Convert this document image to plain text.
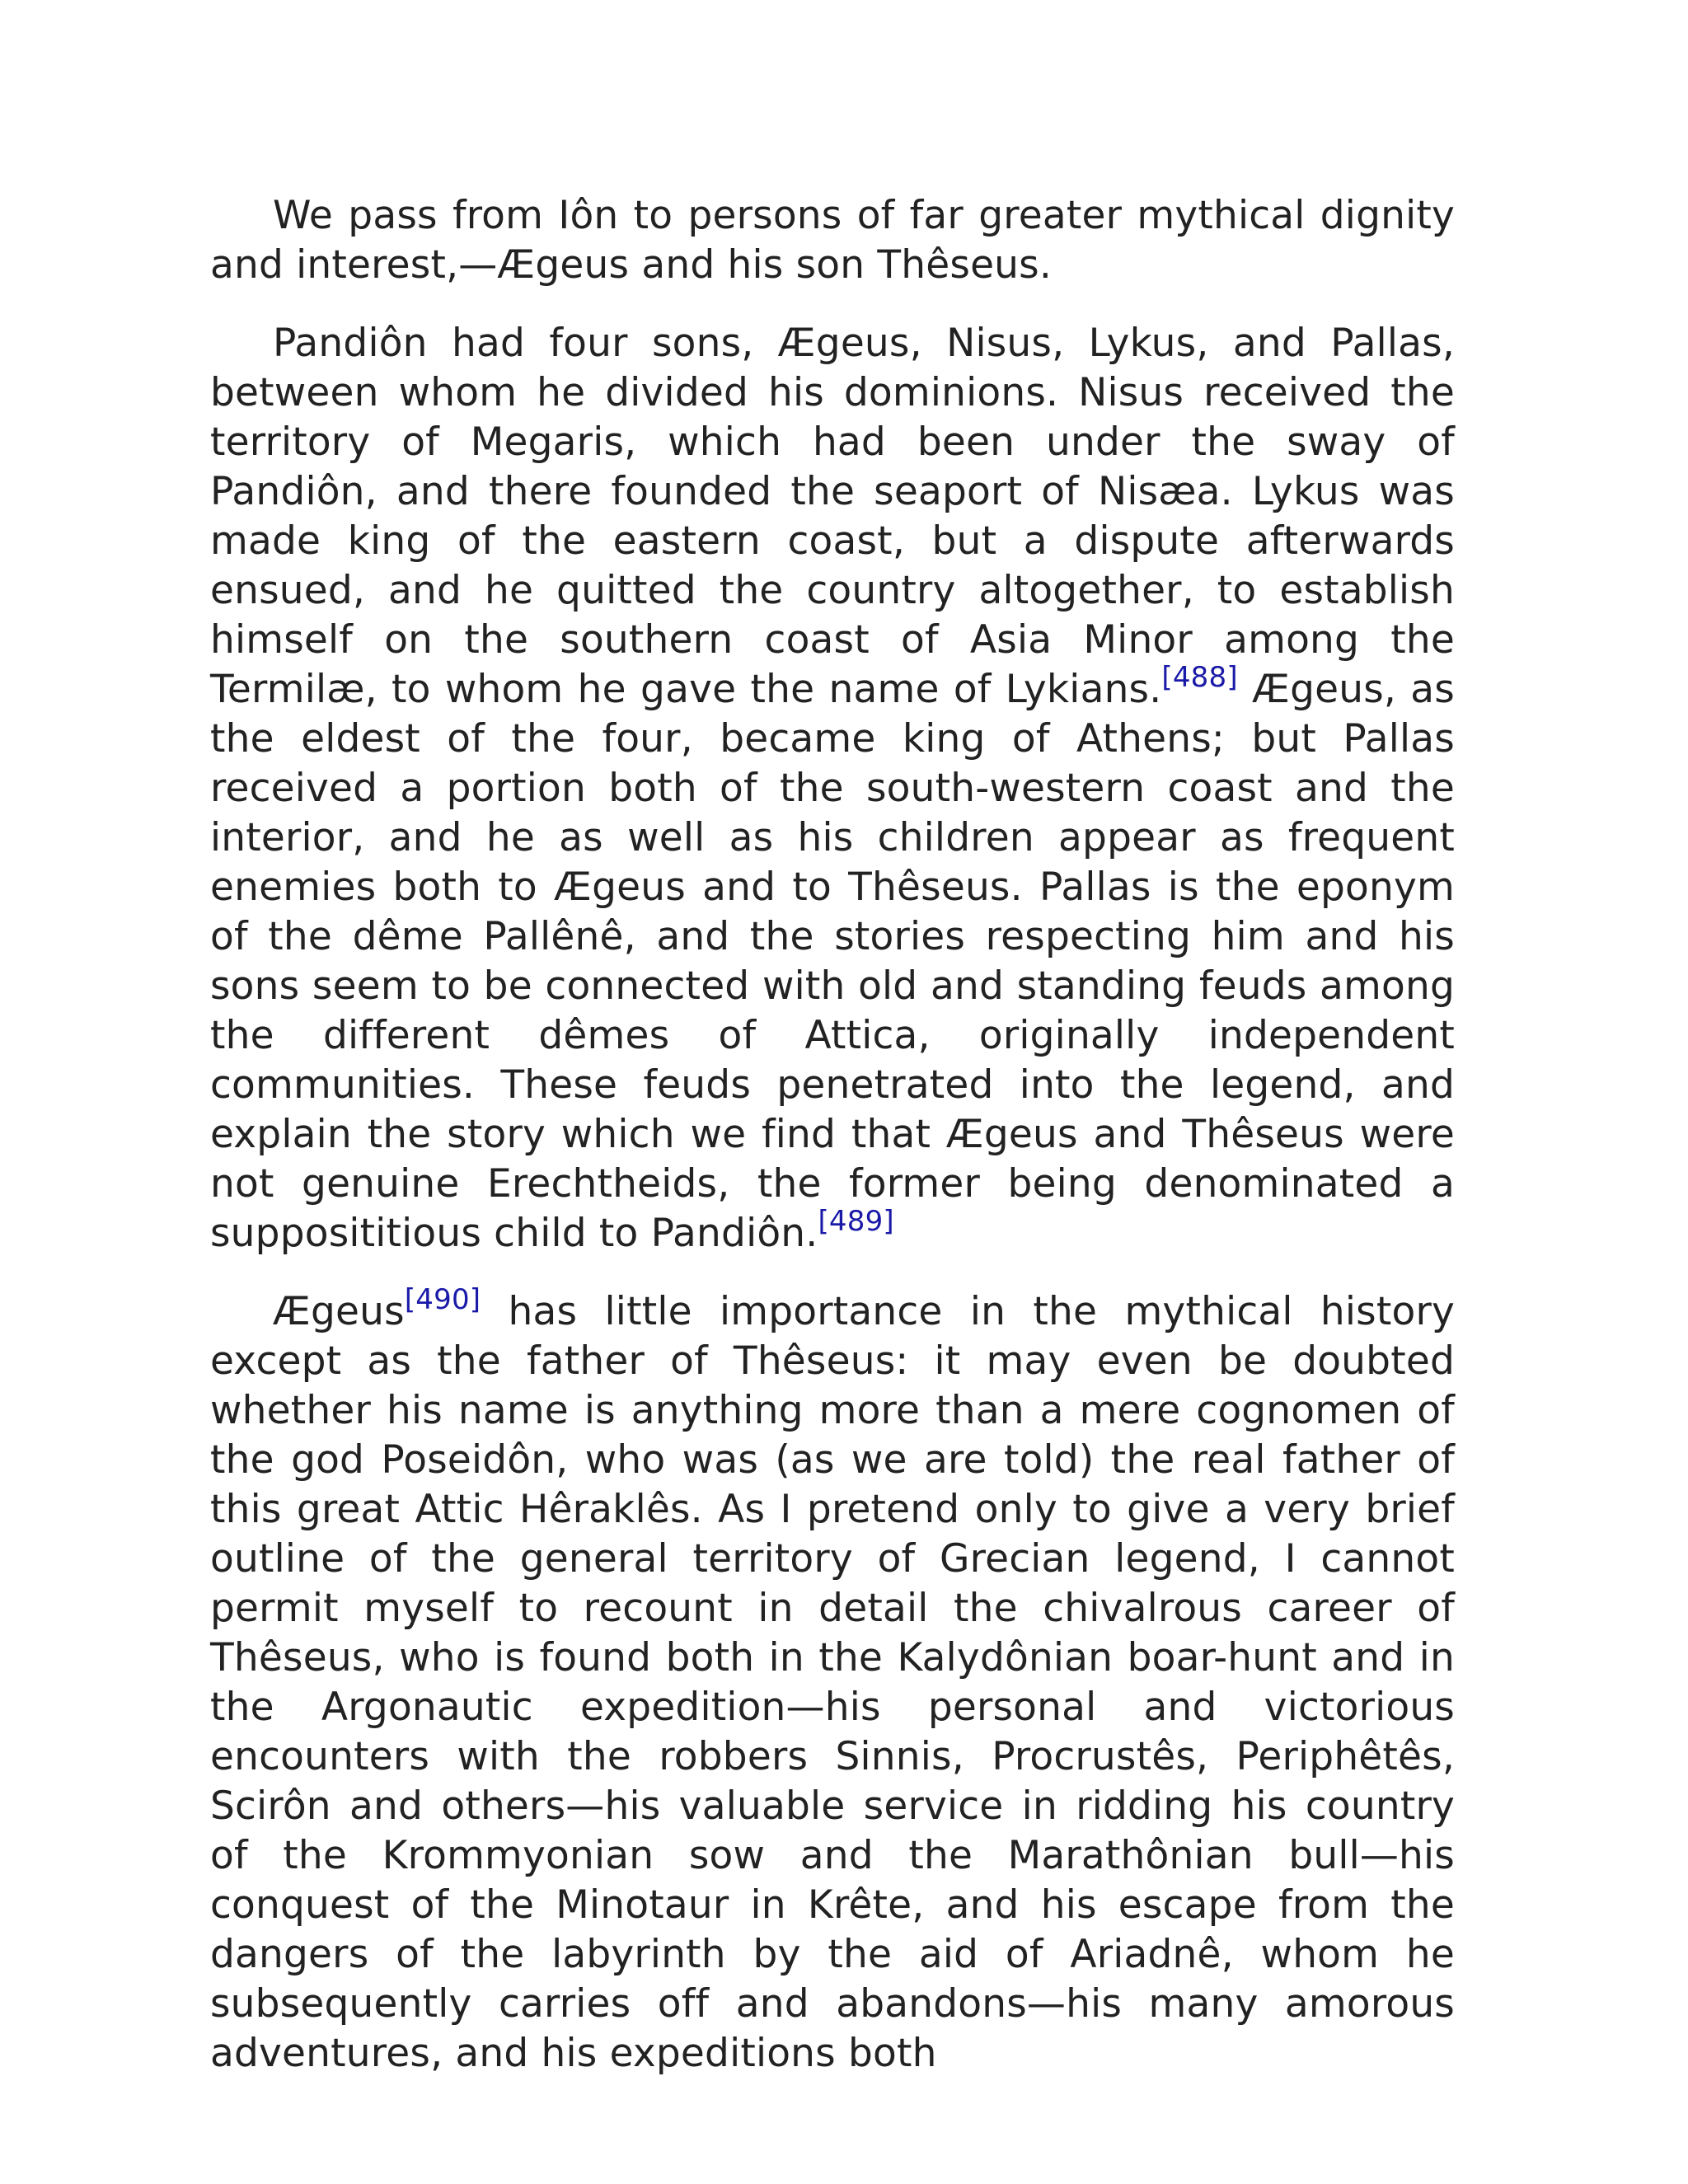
We pass from Iôn to persons of far greater mythical dignity and interest,—Ægeus and his son Thêseus.

Pandiôn had four sons, Ægeus, Nisus, Lykus, and Pallas, between whom he divided his dominions. Nisus received the territory of Megaris, which had been under the sway of Pandiôn, and there founded the seaport of Nisæa. Lykus was made king of the eastern coast, but a dispute afterwards ensued, and he quitted the country altogether, to establish himself on the southern coast of Asia Minor among the Termilæ, to whom he gave the name of Lykians.[488] Ægeus, as the eldest of the four, became king of Athens; but Pallas received a portion both of the south-western coast and the interior, and he as well as his children appear as frequent enemies both to Ægeus and to Thêseus. Pallas is the eponym of the dême Pallênê, and the stories respecting him and his sons seem to be connected with old and standing feuds among the different dêmes of Attica, originally independent communities. These feuds penetrated into the legend, and explain the story which we find that Ægeus and Thêseus were not genuine Erechtheids, the former being denominated a supposititious child to Pandiôn.[489]

Ægeus[490] has little importance in the mythical history except as the father of Thêseus: it may even be doubted whether his name is anything more than a mere cognomen of the god Poseidôn, who was (as we are told) the real father of this great Attic Hêraklês. As I pretend only to give a very brief outline of the general territory of Grecian legend, I cannot permit myself to recount in detail the chivalrous career of Thêseus, who is found both in the Kalydônian boar-hunt and in the Argonautic expedition—his personal and victorious encounters with the robbers Sinnis, Procrustês, Periphêtês, Scirôn and others—his valuable service in ridding his country of the Krommyonian sow and the Marathônian bull—his conquest of the Minotaur in Krête, and his escape from the dangers of the labyrinth by the aid of Ariadnê, whom he subsequently carries off and abandons—his many amorous adventures, and his expeditions both
